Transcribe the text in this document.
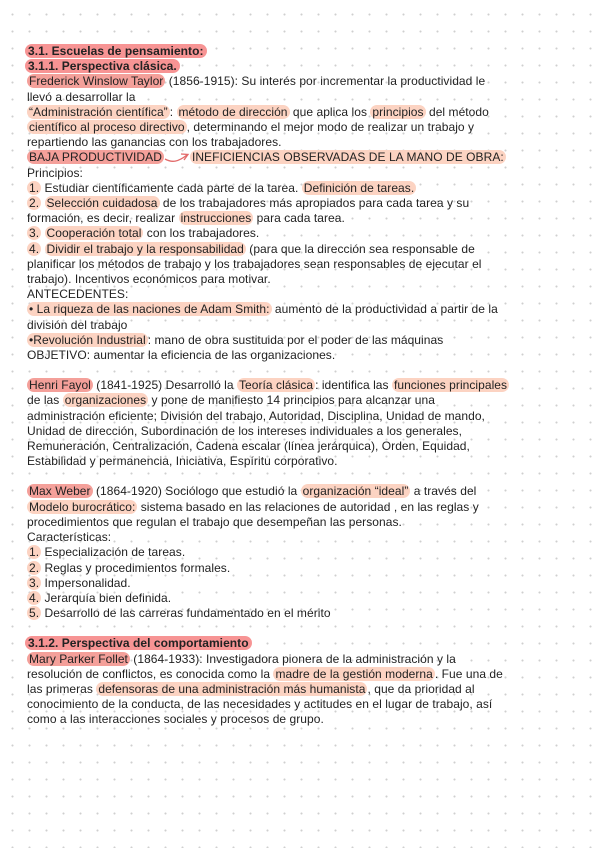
3.1. Escuelas de pensamiento:
3.1.1. Perspectiva clásica.
Frederick Winslow Taylor (1856-1915): Su interés por incrementar la productividad le
llevó a desarrollar la
“Administración científica” : método de dirección que aplica los principios del método
científico al proceso directivo , determinando el mejor modo de realizar un trabajo y
repartiendo las ganancias con los trabajadores.
BAJA PRODUCTIVIDAD	INEFICIENCIAS OBSERVADAS DE LA MANO DE OBRA:
Principios:
1. Estudiar científicamente cada parte de la tarea. Definición de tareas.
2. Selección cuidadosa de los trabajadores más apropiados para cada tarea y su
formación, es decir, realizar instrucciones para cada tarea.
3. Cooperación total con los trabajadores.
4. Dividir el trabajo y la responsabilidad (para que la dirección sea responsable de
planificar los métodos de trabajo y los trabajadores sean responsables de ejecutar el
trabajo). Incentivos económicos para motivar.
ANTECEDENTES:
• La riqueza de las naciones de Adam Smith: aumento de la productividad a partir de la
división del trabajo
•Revolución Industrial : mano de obra sustituida por el poder de las máquinas
OBJETIVO: aumentar la eficiencia de las organizaciones.
Henri Fayol (1841-1925) Desarrolló la Teoría clásica : identifica las funciones principales
de las organizaciones y pone de manifiesto 14 principios para alcanzar una
administración eficiente; División del trabajo, Autoridad, Disciplina, Unidad de mando,
Unidad de dirección, Subordinación de los intereses individuales a los generales,
Remuneración, Centralización, Cadena escalar (línea jerárquica), Orden, Equidad,
Estabilidad y permanencia, Iniciativa, Espíritu corporativo.
Max Weber (1864-1920) Sociólogo que estudió la organización “ideal” a través del
Modelo burocrático: sistema basado en las relaciones de autoridad , en las reglas y
procedimientos que regulan el trabajo que desempeñan las personas.
Características:
1. Especialización de tareas.
2. Reglas y procedimientos formales.
3. Impersonalidad.
4. Jerarquía bien definida.
5. Desarrollo de las carreras fundamentado en el mérito
3.1.2. Perspectiva del comportamiento
Mary Parker Follet (1864-1933): Investigadora pionera de la administración y la
resolución de conflictos, es conocida como la madre de la gestión moderna . Fue una de
las primeras defensoras de una administración más humanista , que da prioridad al
conocimiento de la conducta, de las necesidades y actitudes en el lugar de trabajo, así
como a las interacciones sociales y procesos de grupo.
